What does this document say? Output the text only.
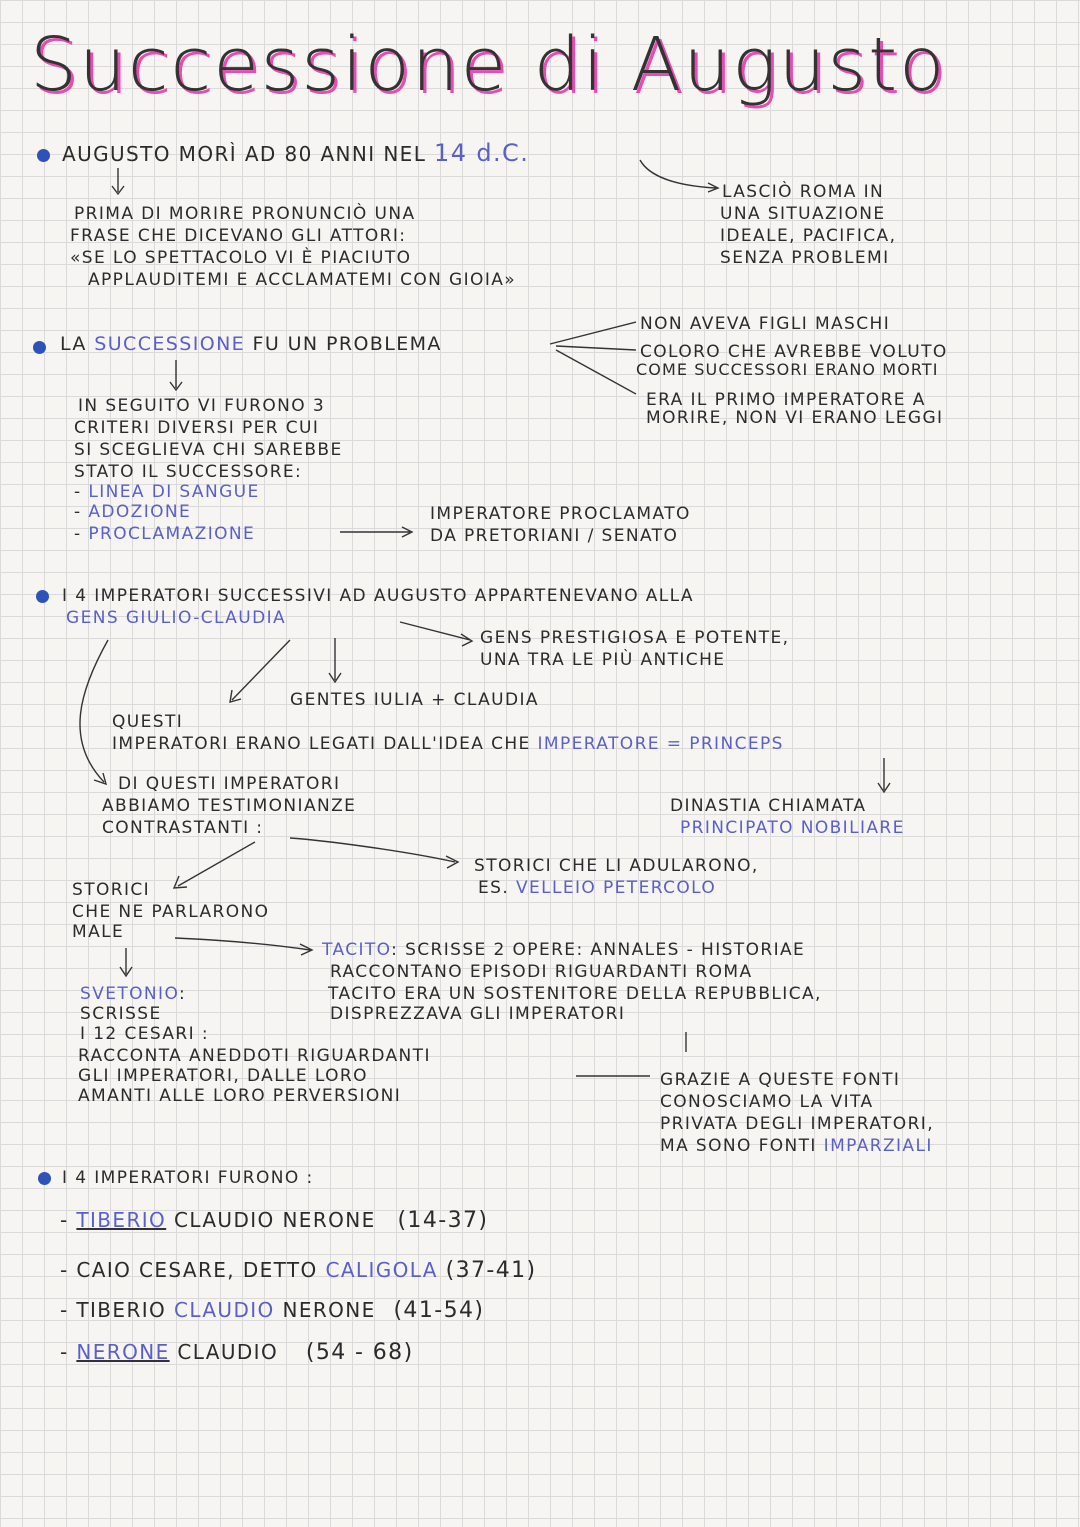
Successione di Augusto
AUGUSTO MORÌ AD 80 ANNI NEL 14 d.C.
PRIMA DI MORIRE PRONUNCIÒ UNA
FRASE CHE DICEVANO GLI ATTORI:
«SE LO SPETTACOLO VI È PIACIUTO
APPLAUDITEMI E ACCLAMATEMI CON GIOIA»
LASCIÒ ROMA IN
UNA SITUAZIONE
IDEALE, PACIFICA,
SENZA PROBLEMI
LA SUCCESSIONE FU UN PROBLEMA
NON AVEVA FIGLI MASCHI
COLORO CHE AVREBBE VOLUTO
COME SUCCESSORI ERANO MORTI
ERA IL PRIMO IMPERATORE A
MORIRE, NON VI ERANO LEGGI
IN SEGUITO VI FURONO 3
CRITERI DIVERSI PER CUI
SI SCEGLIEVA CHI SAREBBE
STATO IL SUCCESSORE:
- LINEA DI SANGUE
- ADOZIONE
- PROCLAMAZIONE
IMPERATORE PROCLAMATO
DA PRETORIANI / SENATO
I 4 IMPERATORI SUCCESSIVI AD AUGUSTO APPARTENEVANO ALLA
GENS GIULIO-CLAUDIA
GENS PRESTIGIOSA E POTENTE,
UNA TRA LE PIÙ ANTICHE
GENTES IULIA + CLAUDIA
QUESTI
IMPERATORI ERANO LEGATI DALL'IDEA CHE IMPERATORE = PRINCEPS
DINASTIA CHIAMATA
PRINCIPATO NOBILIARE
DI QUESTI IMPERATORI
ABBIAMO TESTIMONIANZE
CONTRASTANTI :
STORICI CHE LI ADULARONO,
ES. VELLEIO PETERCOLO
STORICI
CHE NE PARLARONO
MALE
TACITO: SCRISSE 2 OPERE: ANNALES - HISTORIAE
RACCONTANO EPISODI RIGUARDANTI ROMA
TACITO ERA UN SOSTENITORE DELLA REPUBBLICA,
DISPREZZAVA GLI IMPERATORI
SVETONIO:
SCRISSE
I 12 CESARI :
RACCONTA ANEDDOTI RIGUARDANTI
GLI IMPERATORI, DALLE LORO
AMANTI ALLE LORO PERVERSIONI
GRAZIE A QUESTE FONTI
CONOSCIAMO LA VITA
PRIVATA DEGLI IMPERATORI,
MA SONO FONTI IMPARZIALI
I 4 IMPERATORI FURONO :
- TIBERIO CLAUDIO NERONE (14-37)
- CAIO CESARE, DETTO CALIGOLA (37-41)
- TIBERIO CLAUDIO NERONE (41-54)
- NERONE CLAUDIO (54 - 68)
